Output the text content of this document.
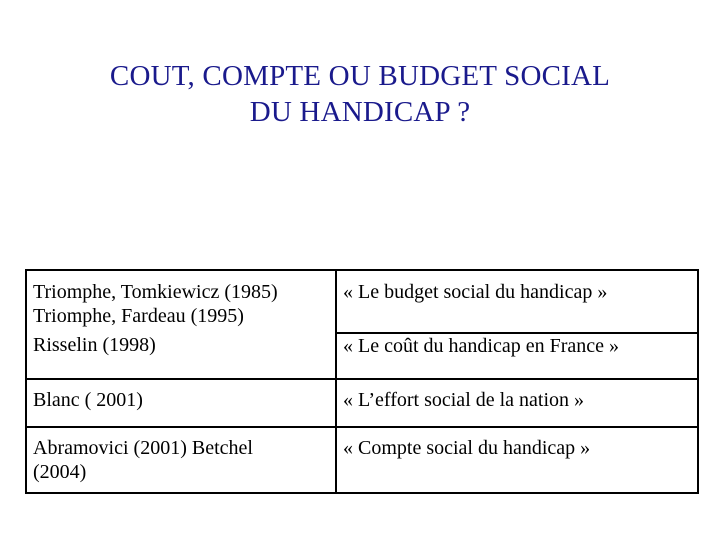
COUT, COMPTE OU BUDGET SOCIAL
DU HANDICAP ?
Triomphe, Tomkiewicz (1985)
Triomphe, Fardeau (1995)	« Le budget social du handicap »

Risselin (1998)	« Le coût du handicap en France »

Blanc ( 2001)	« L’effort social de la nation »

Abramovici (2001) Betchel
(2004)	« Compte social du handicap »
